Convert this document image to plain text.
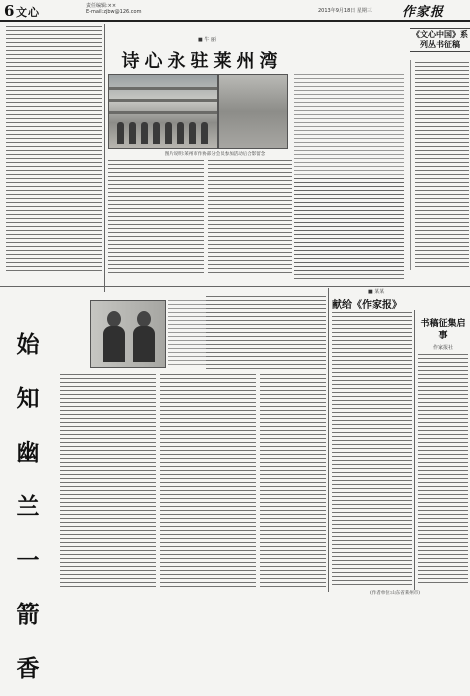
6 文心	责任编辑:××
E-mail:zjbw@126.com	2013年9月18日 星期三 作家报
■ 牛 丽
诗心永驻莱州湾
图片说明:莱州市作协部分会员参加活动后合影留念
《文心中国》系列丛书征稿
始
知
幽
兰
一
箭
香
■ 某某
献给《作家报》
书稿征集启事
作家报社
(作者单位:山东省莱州市)
